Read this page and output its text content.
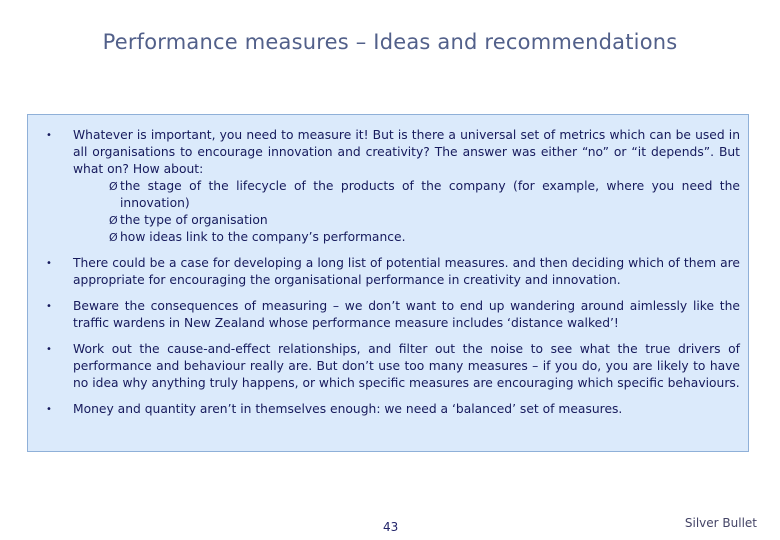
Performance measures – Ideas and recommendations
• Whatever is important, you need to measure it! But is there a universal set of metrics which can be used in all organisations to encourage innovation and creativity? The answer was either “no” or “it depends”. But what on? How about:
Ø the stage of the lifecycle of the products of the company (for example, where you need the innovation)
Ø the type of organisation
Ø how ideas link to the company’s performance.
• There could be a case for developing a long list of potential measures. and then deciding which of them are appropriate for encouraging the organisational performance in creativity and innovation.
• Beware the consequences of measuring – we don’t want to end up wandering around aimlessly like the traffic wardens in New Zealand whose performance measure includes ‘distance walked’!
• Work out the cause-and-effect relationships, and filter out the noise to see what the true drivers of performance and behaviour really are. But don’t use too many measures – if you do, you are likely to have no idea why anything truly happens, or which specific measures are encouraging which specific behaviours.
• Money and quantity aren’t in themselves enough: we need a ‘balanced’ set of measures.
43	Silver Bullet
